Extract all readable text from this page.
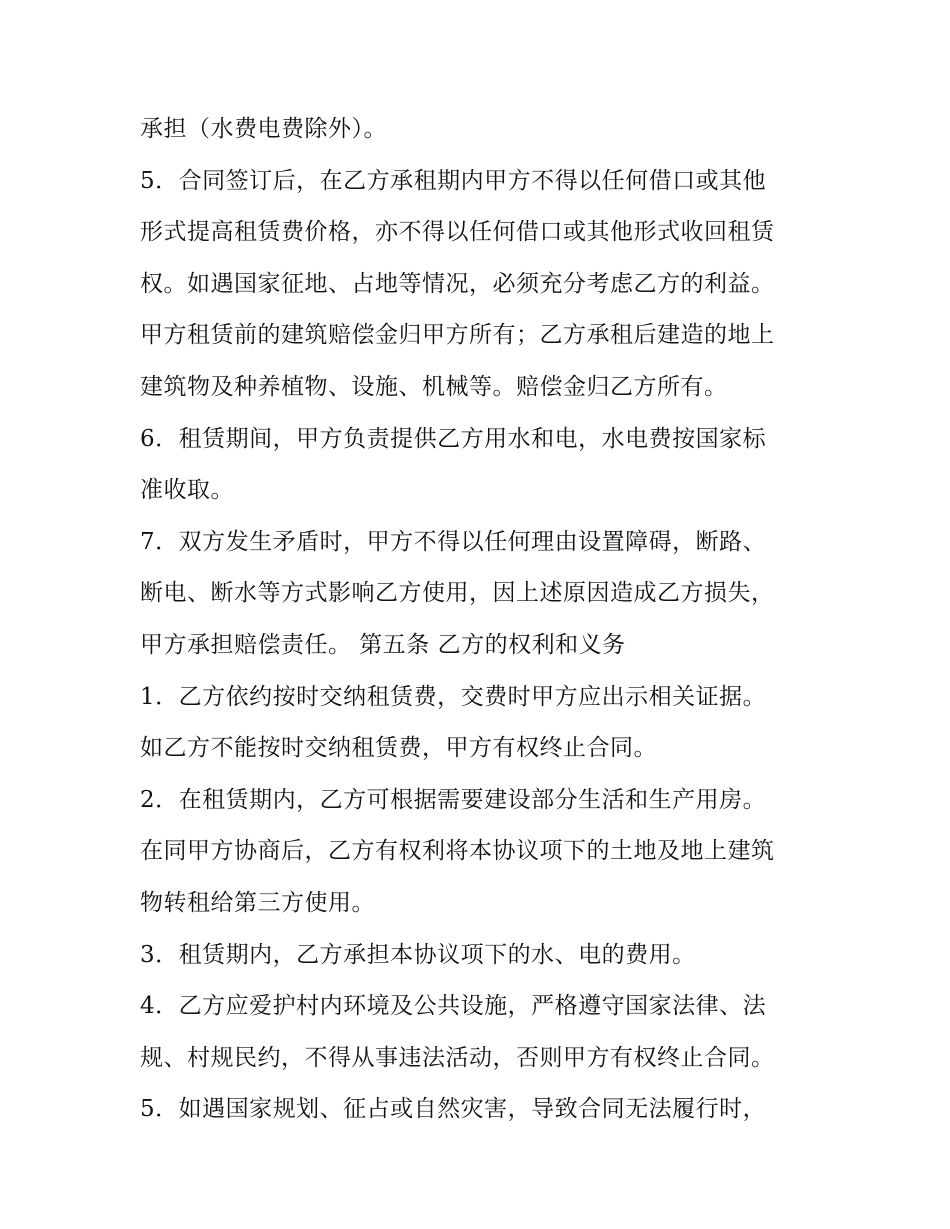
承担（水费电费除外）。

5．合同签订后，在乙方承租期内甲方不得以任何借口或其他

形式提高租赁费价格，亦不得以任何借口或其他形式收回租赁

权。如遇国家征地、占地等情况，必须充分考虑乙方的利益。

甲方租赁前的建筑赔偿金归甲方所有；乙方承租后建造的地上

建筑物及种养植物、设施、机械等。赔偿金归乙方所有。

6．租赁期间，甲方负责提供乙方用水和电，水电费按国家标

准收取。

7．双方发生矛盾时，甲方不得以任何理由设置障碍，断路、

断电、断水等方式影响乙方使用，因上述原因造成乙方损失，

甲方承担赔偿责任。 第五条 乙方的权利和义务

1．乙方依约按时交纳租赁费，交费时甲方应出示相关证据。

如乙方不能按时交纳租赁费，甲方有权终止合同。

2．在租赁期内，乙方可根据需要建设部分生活和生产用房。

在同甲方协商后，乙方有权利将本协议项下的土地及地上建筑

物转租给第三方使用。

3．租赁期内，乙方承担本协议项下的水、电的费用。

4．乙方应爱护村内环境及公共设施，严格遵守国家法律、法

规、村规民约，不得从事违法活动，否则甲方有权终止合同。

5．如遇国家规划、征占或自然灾害，导致合同无法履行时，
